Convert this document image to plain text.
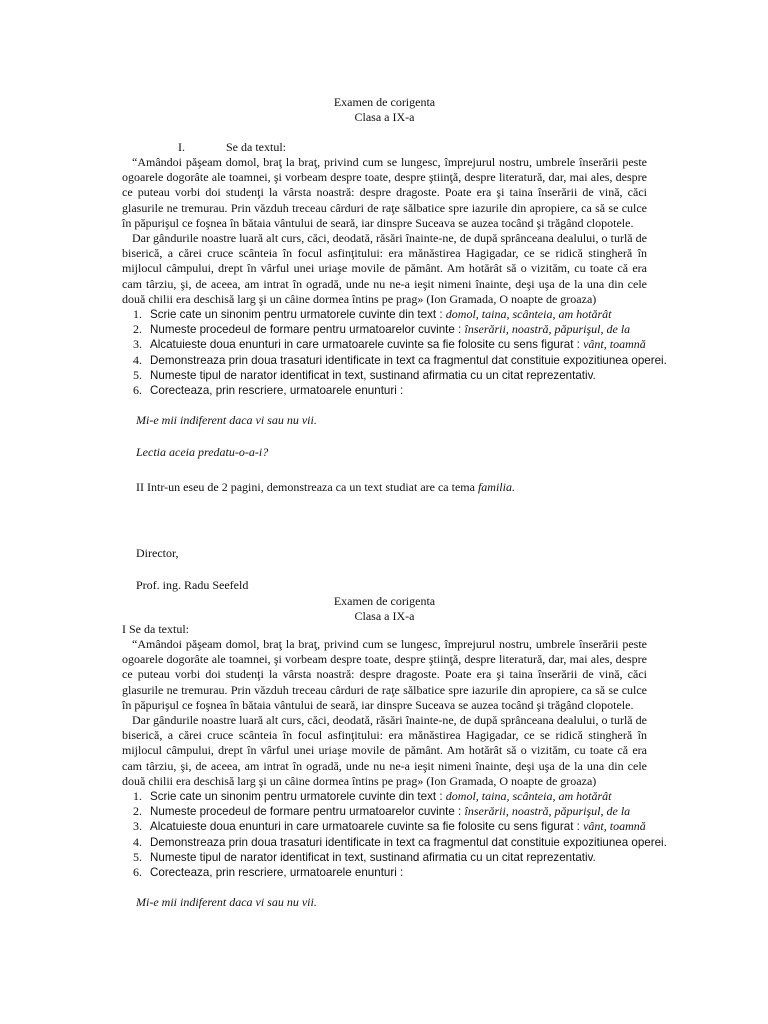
Examen de corigenta
Clasa a IX-a
I.	Se da textul:

“Amândoi păşeam domol, braţ la braţ, privind cum se lungesc, împrejurul nostru, umbrele înserării peste ogoarele dogorâte ale toamnei, şi vorbeam despre toate, despre ştiinţă, despre literatură, dar, mai ales, despre ce puteau vorbi doi studenţi la vârsta noastră: despre dragoste. Poate era şi taina înserării de vină, căci glasurile ne tremurau. Prin văzduh treceau cârduri de raţe sălbatice spre iazurile din apropiere, ca să se culce în păpurişul ce foşnea în bătaia vântului de seară, iar dinspre Suceava se auzea tocând şi trăgând clopotele.

Dar gândurile noastre luară alt curs, căci, deodată, răsări înainte-ne, de după sprânceana dealului, o turlă de biserică, a cărei cruce scânteia în focul asfinţitului: era mănăstirea Hagigadar, ce se ridică stingheră în mijlocul câmpului, drept în vârful unei uriaşe movile de pământ. Am hotărât să o vizităm, cu toate că era cam târziu, şi, de aceea, am intrat în ogradă, unde nu ne-a ieşit nimeni înainte, deşi uşa de la una din cele două chilii era deschisă larg şi un câine dormea întins pe prag» (Ion Gramada, O noapte de groaza)

1. Scrie cate un sinonim pentru urmatorele cuvinte din text : domol, taina, scânteia, am hotărât
2. Numeste procedeul de formare pentru urmatoarelor cuvinte : înserării, noastră, păpurişul, de la
3. Alcatuieste doua enunturi in care urmatoarele cuvinte sa fie folosite cu sens figurat : vânt, toamnă
4. Demonstreaza prin doua trasaturi identificate in text ca fragmentul dat constituie expozitiunea operei.
5. Numeste tipul de narator identificat in text, sustinand afirmatia cu un citat reprezentativ.
6. Corecteaza, prin rescriere, urmatoarele enunturi :
Mi-e mii indiferent daca vi sau nu vii.
Lectia aceia predatu-o-a-i?
II Intr-un eseu de 2 pagini, demonstreaza ca un text studiat are ca tema familia.
Director,
Prof. ing. Radu Seefeld
Examen de corigenta
Clasa a IX-a
I Se da textul:

“Amândoi păşeam domol, braţ la braţ, privind cum se lungesc, împrejurul nostru, umbrele înserării peste ogoarele dogorâte ale toamnei, şi vorbeam despre toate, despre ştiinţă, despre literatură, dar, mai ales, despre ce puteau vorbi doi studenţi la vârsta noastră: despre dragoste. Poate era şi taina înserării de vină, căci glasurile ne tremurau. Prin văzduh treceau cârduri de raţe sălbatice spre iazurile din apropiere, ca să se culce în păpurişul ce foşnea în bătaia vântului de seară, iar dinspre Suceava se auzea tocând şi trăgând clopotele.

Dar gândurile noastre luară alt curs, căci, deodată, răsări înainte-ne, de după sprânceana dealului, o turlă de biserică, a cărei cruce scânteia în focul asfinţitului: era mănăstirea Hagigadar, ce se ridică stingheră în mijlocul câmpului, drept în vârful unei uriaşe movile de pământ. Am hotărât să o vizităm, cu toate că era cam târziu, şi, de aceea, am intrat în ogradă, unde nu ne-a ieşit nimeni înainte, deşi uşa de la una din cele două chilii era deschisă larg şi un câine dormea întins pe prag» (Ion Gramada, O noapte de groaza)

1. Scrie cate un sinonim pentru urmatorele cuvinte din text : domol, taina, scânteia, am hotărât
2. Numeste procedeul de formare pentru urmatoarelor cuvinte : înserării, noastră, păpurişul, de la
3. Alcatuieste doua enunturi in care urmatoarele cuvinte sa fie folosite cu sens figurat : vânt, toamnă
4. Demonstreaza prin doua trasaturi identificate in text ca fragmentul dat constituie expozitiunea operei.
5. Numeste tipul de narator identificat in text, sustinand afirmatia cu un citat reprezentativ.
6. Corecteaza, prin rescriere, urmatoarele enunturi :
Mi-e mii indiferent daca vi sau nu vii.
